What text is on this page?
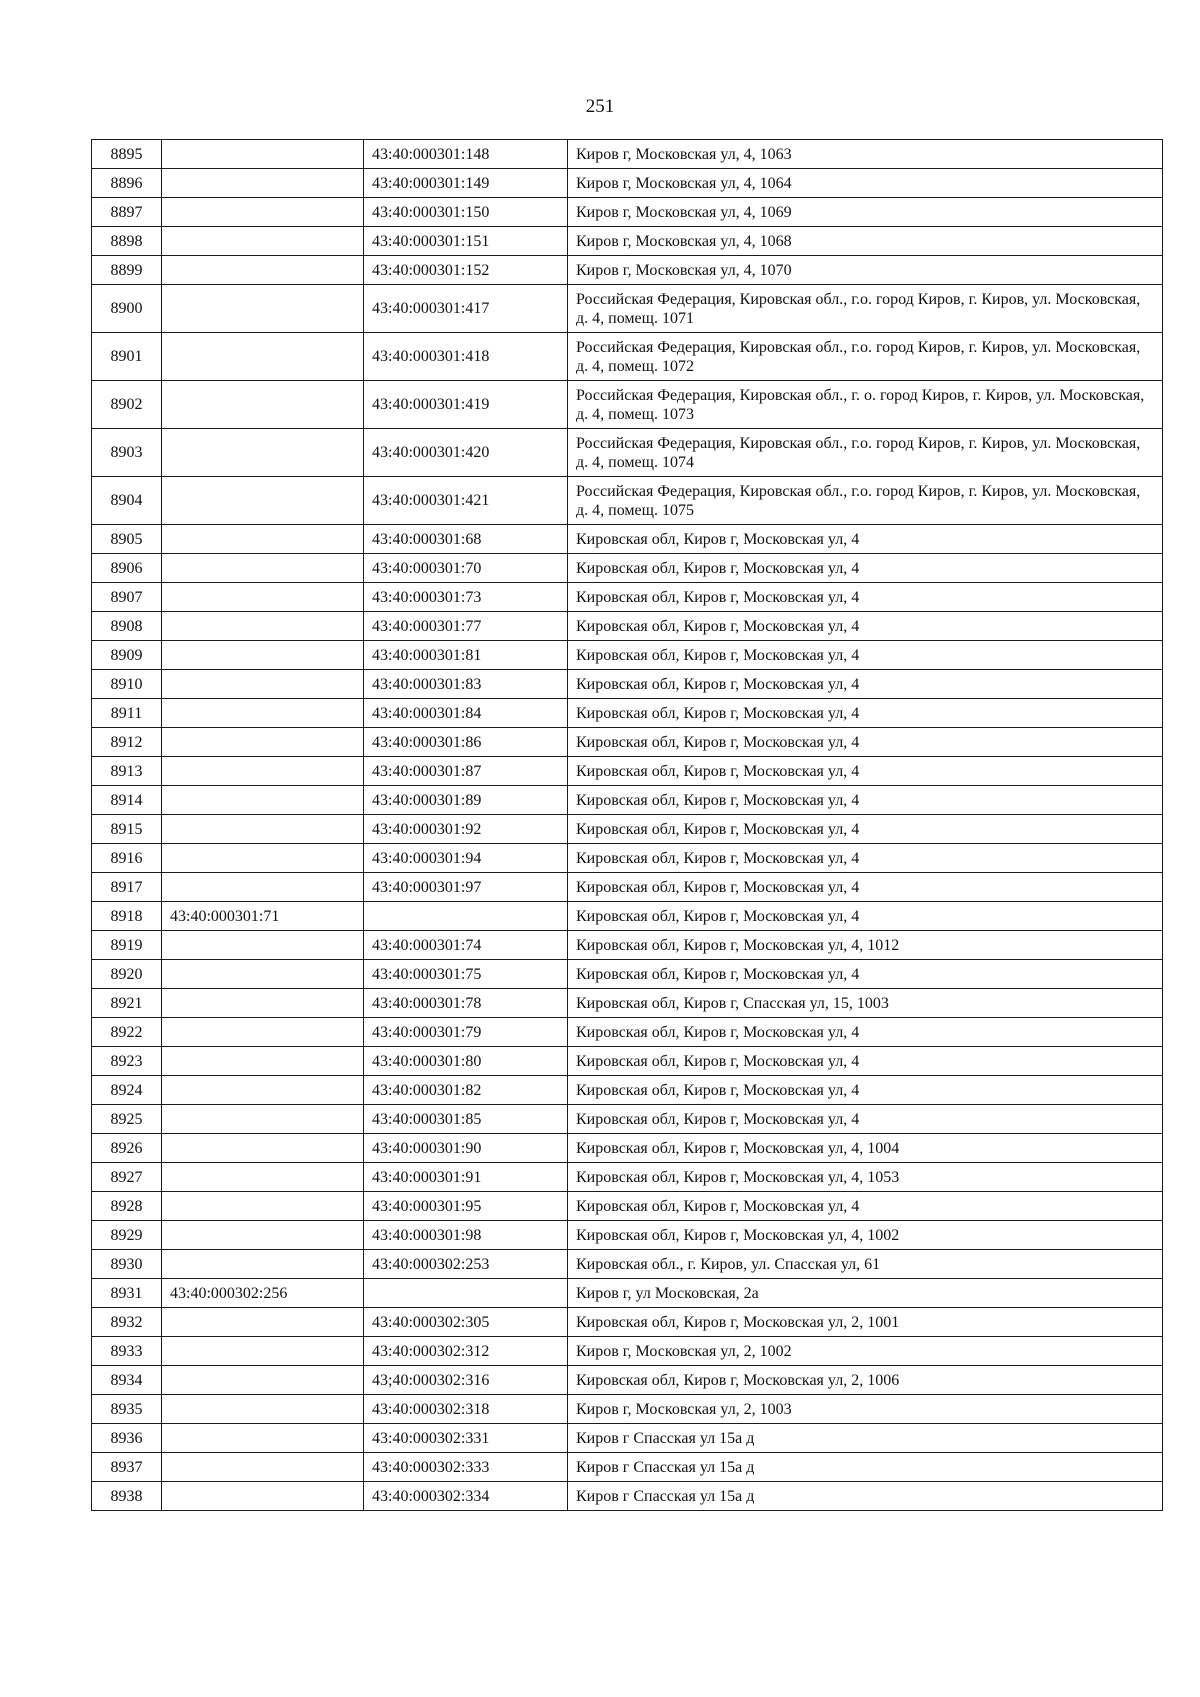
251
8895		43:40:000301:148	Киров г, Московская ул, 4, 1063
8896		43:40:000301:149	Киров г, Московская ул, 4, 1064
8897		43:40:000301:150	Киров г, Московская ул, 4, 1069
8898		43:40:000301:151	Киров г, Московская ул, 4, 1068
8899		43:40:000301:152	Киров г, Московская ул, 4, 1070
8900		43:40:000301:417	Российская Федерация, Кировская обл., г.о. город Киров, г. Киров, ул. Московская, д. 4, помещ. 1071
8901		43:40:000301:418	Российская Федерация, Кировская обл., г.о. город Киров, г. Киров, ул. Московская, д. 4, помещ. 1072
8902		43:40:000301:419	Российская Федерация, Кировская обл., г. о. город Киров, г. Киров, ул. Московская, д. 4, помещ. 1073
8903		43:40:000301:420	Российская Федерация, Кировская обл., г.о. город Киров, г. Киров, ул. Московская, д. 4, помещ. 1074
8904		43:40:000301:421	Российская Федерация, Кировская обл., г.о. город Киров, г. Киров, ул. Московская, д. 4, помещ. 1075
8905		43:40:000301:68	Кировская обл, Киров г, Московская ул, 4
8906		43:40:000301:70	Кировская обл, Киров г, Московская ул, 4
8907		43:40:000301:73	Кировская обл, Киров г, Московская ул, 4
8908		43:40:000301:77	Кировская обл, Киров г, Московская ул, 4
8909		43:40:000301:81	Кировская обл, Киров г, Московская ул, 4
8910		43:40:000301:83	Кировская обл, Киров г, Московская ул, 4
8911		43:40:000301:84	Кировская обл, Киров г, Московская ул, 4
8912		43:40:000301:86	Кировская обл, Киров г, Московская ул, 4
8913		43:40:000301:87	Кировская обл, Киров г, Московская ул, 4
8914		43:40:000301:89	Кировская обл, Киров г, Московская ул, 4
8915		43:40:000301:92	Кировская обл, Киров г, Московская ул, 4
8916		43:40:000301:94	Кировская обл, Киров г, Московская ул, 4
8917		43:40:000301:97	Кировская обл, Киров г, Московская ул, 4
8918	43:40:000301:71		Кировская обл, Киров г, Московская ул, 4
8919		43:40:000301:74	Кировская обл, Киров г, Московская ул, 4, 1012
8920		43:40:000301:75	Кировская обл, Киров г, Московская ул, 4
8921		43:40:000301:78	Кировская обл, Киров г, Спасская ул, 15, 1003
8922		43:40:000301:79	Кировская обл, Киров г, Московская ул, 4
8923		43:40:000301:80	Кировская обл, Киров г, Московская ул, 4
8924		43:40:000301:82	Кировская обл, Киров г, Московская ул, 4
8925		43:40:000301:85	Кировская обл, Киров г, Московская ул, 4
8926		43:40:000301:90	Кировская обл, Киров г, Московская ул, 4, 1004
8927		43:40:000301:91	Кировская обл, Киров г, Московская ул, 4, 1053
8928		43:40:000301:95	Кировская обл, Киров г, Московская ул, 4
8929		43:40:000301:98	Кировская обл, Киров г, Московская ул, 4, 1002
8930		43:40:000302:253	Кировская обл., г. Киров, ул. Спасская ул, 61
8931	43:40:000302:256		Киров г, ул Московская, 2а
8932		43:40:000302:305	Кировская обл, Киров г, Московская ул, 2, 1001
8933		43:40:000302:312	Киров г, Московская ул, 2, 1002
8934		43;40:000302:316	Кировская обл, Киров г, Московская ул, 2, 1006
8935		43:40:000302:318	Киров г, Московская ул, 2, 1003
8936		43:40:000302:331	Киров г Спасская ул 15а д
8937		43:40:000302:333	Киров г Спасская ул 15а д
8938		43:40:000302:334	Киров г Спасская ул 15а д
